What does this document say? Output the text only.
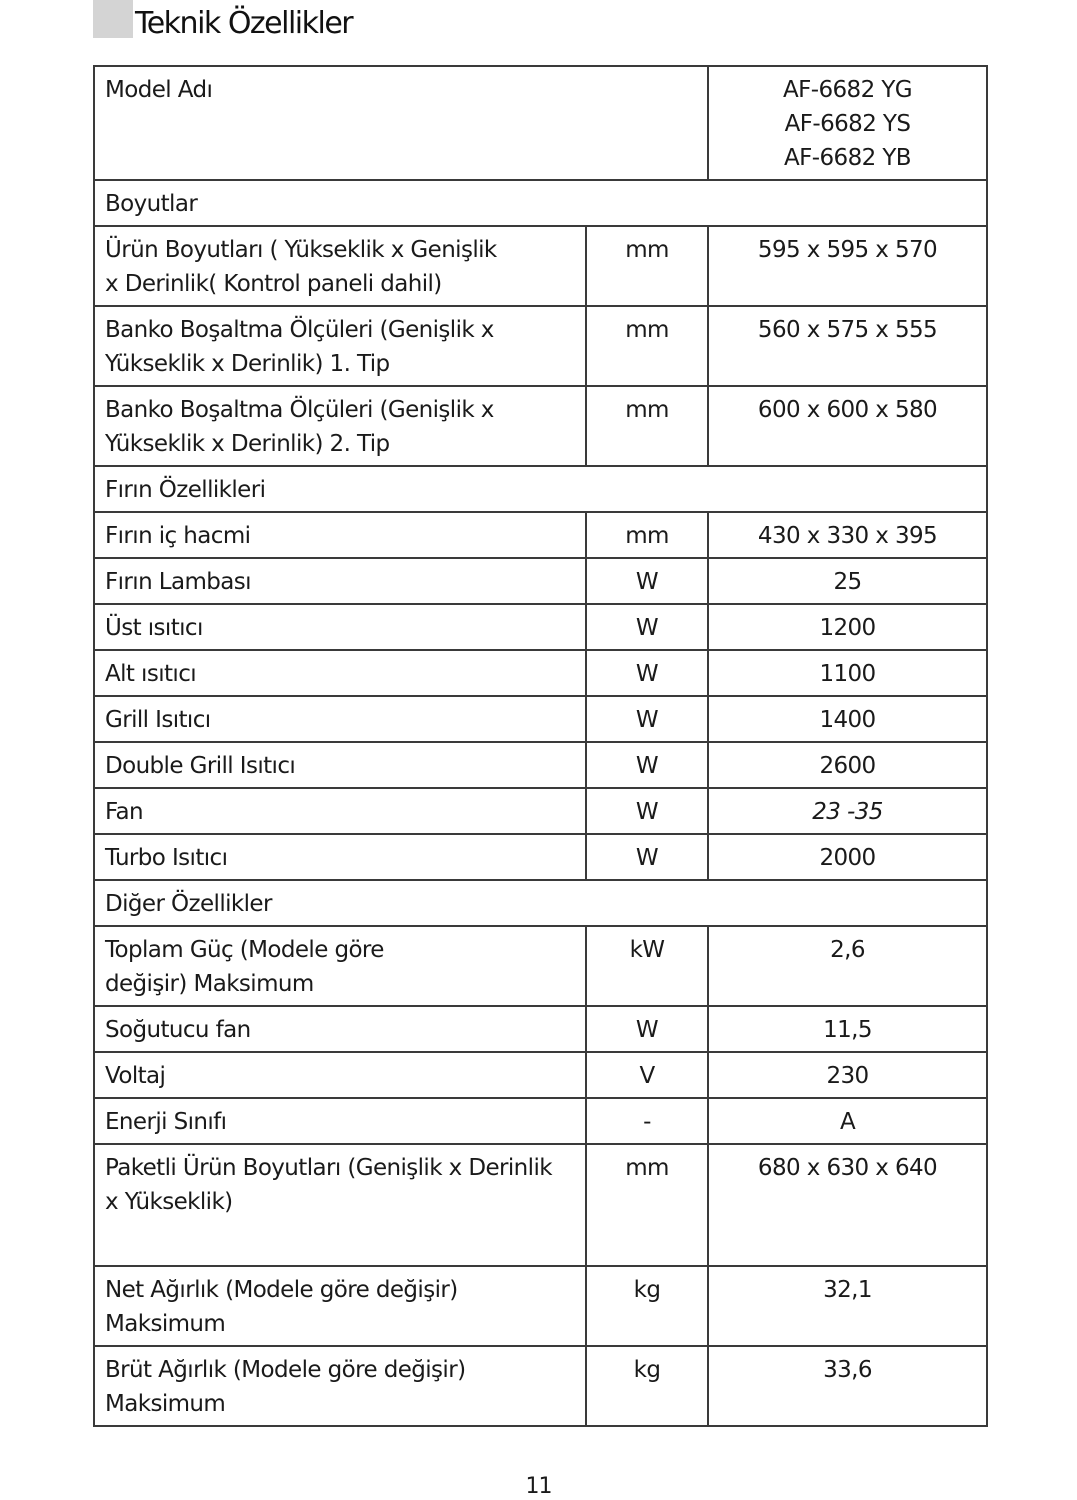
Teknik Özellikler
Model Adı		AF-6682 YG
AF-6682 YS
AF-6682 YB

Boyutlar		

Ürün Boyutları ( Yükseklik x Genişlik
x Derinlik( Kontrol paneli dahil)	mm	595 x 595 x 570

Banko Boşaltma Ölçüleri (Genişlik x
Yükseklik x Derinlik) 1. Tip	mm	560 x 575 x 555

Banko Boşaltma Ölçüleri (Genişlik x
Yükseklik x Derinlik) 2. Tip	mm	600 x 600 x 580
Fırın Özellikleri		
Fırın iç hacmi	mm	430 x 330 x 395
Fırın Lambası	W	25
Üst ısıtıcı	W	1200
Alt ısıtıcı	W	1100
Grill Isıtıcı	W	1400
Double Grill Isıtıcı	W	2600
Fan	W	23 -35
Turbo Isıtıcı	W	2000
Diğer Özellikler		

Toplam Güç (Modele göre
değişir) Maksimum	kW	2,6
Soğutucu fan	W	11,5
Voltaj	V	230
Enerji Sınıfı	-	A

Paketli Ürün Boyutları (Genişlik x Derinlik
x Yükseklik)	mm	680 x 630 x 640
Net Ağırlık (Modele göre değişir) Maksimum	kg	32,1
Brüt Ağırlık (Modele göre değişir) Maksimum	kg	33,6
11
